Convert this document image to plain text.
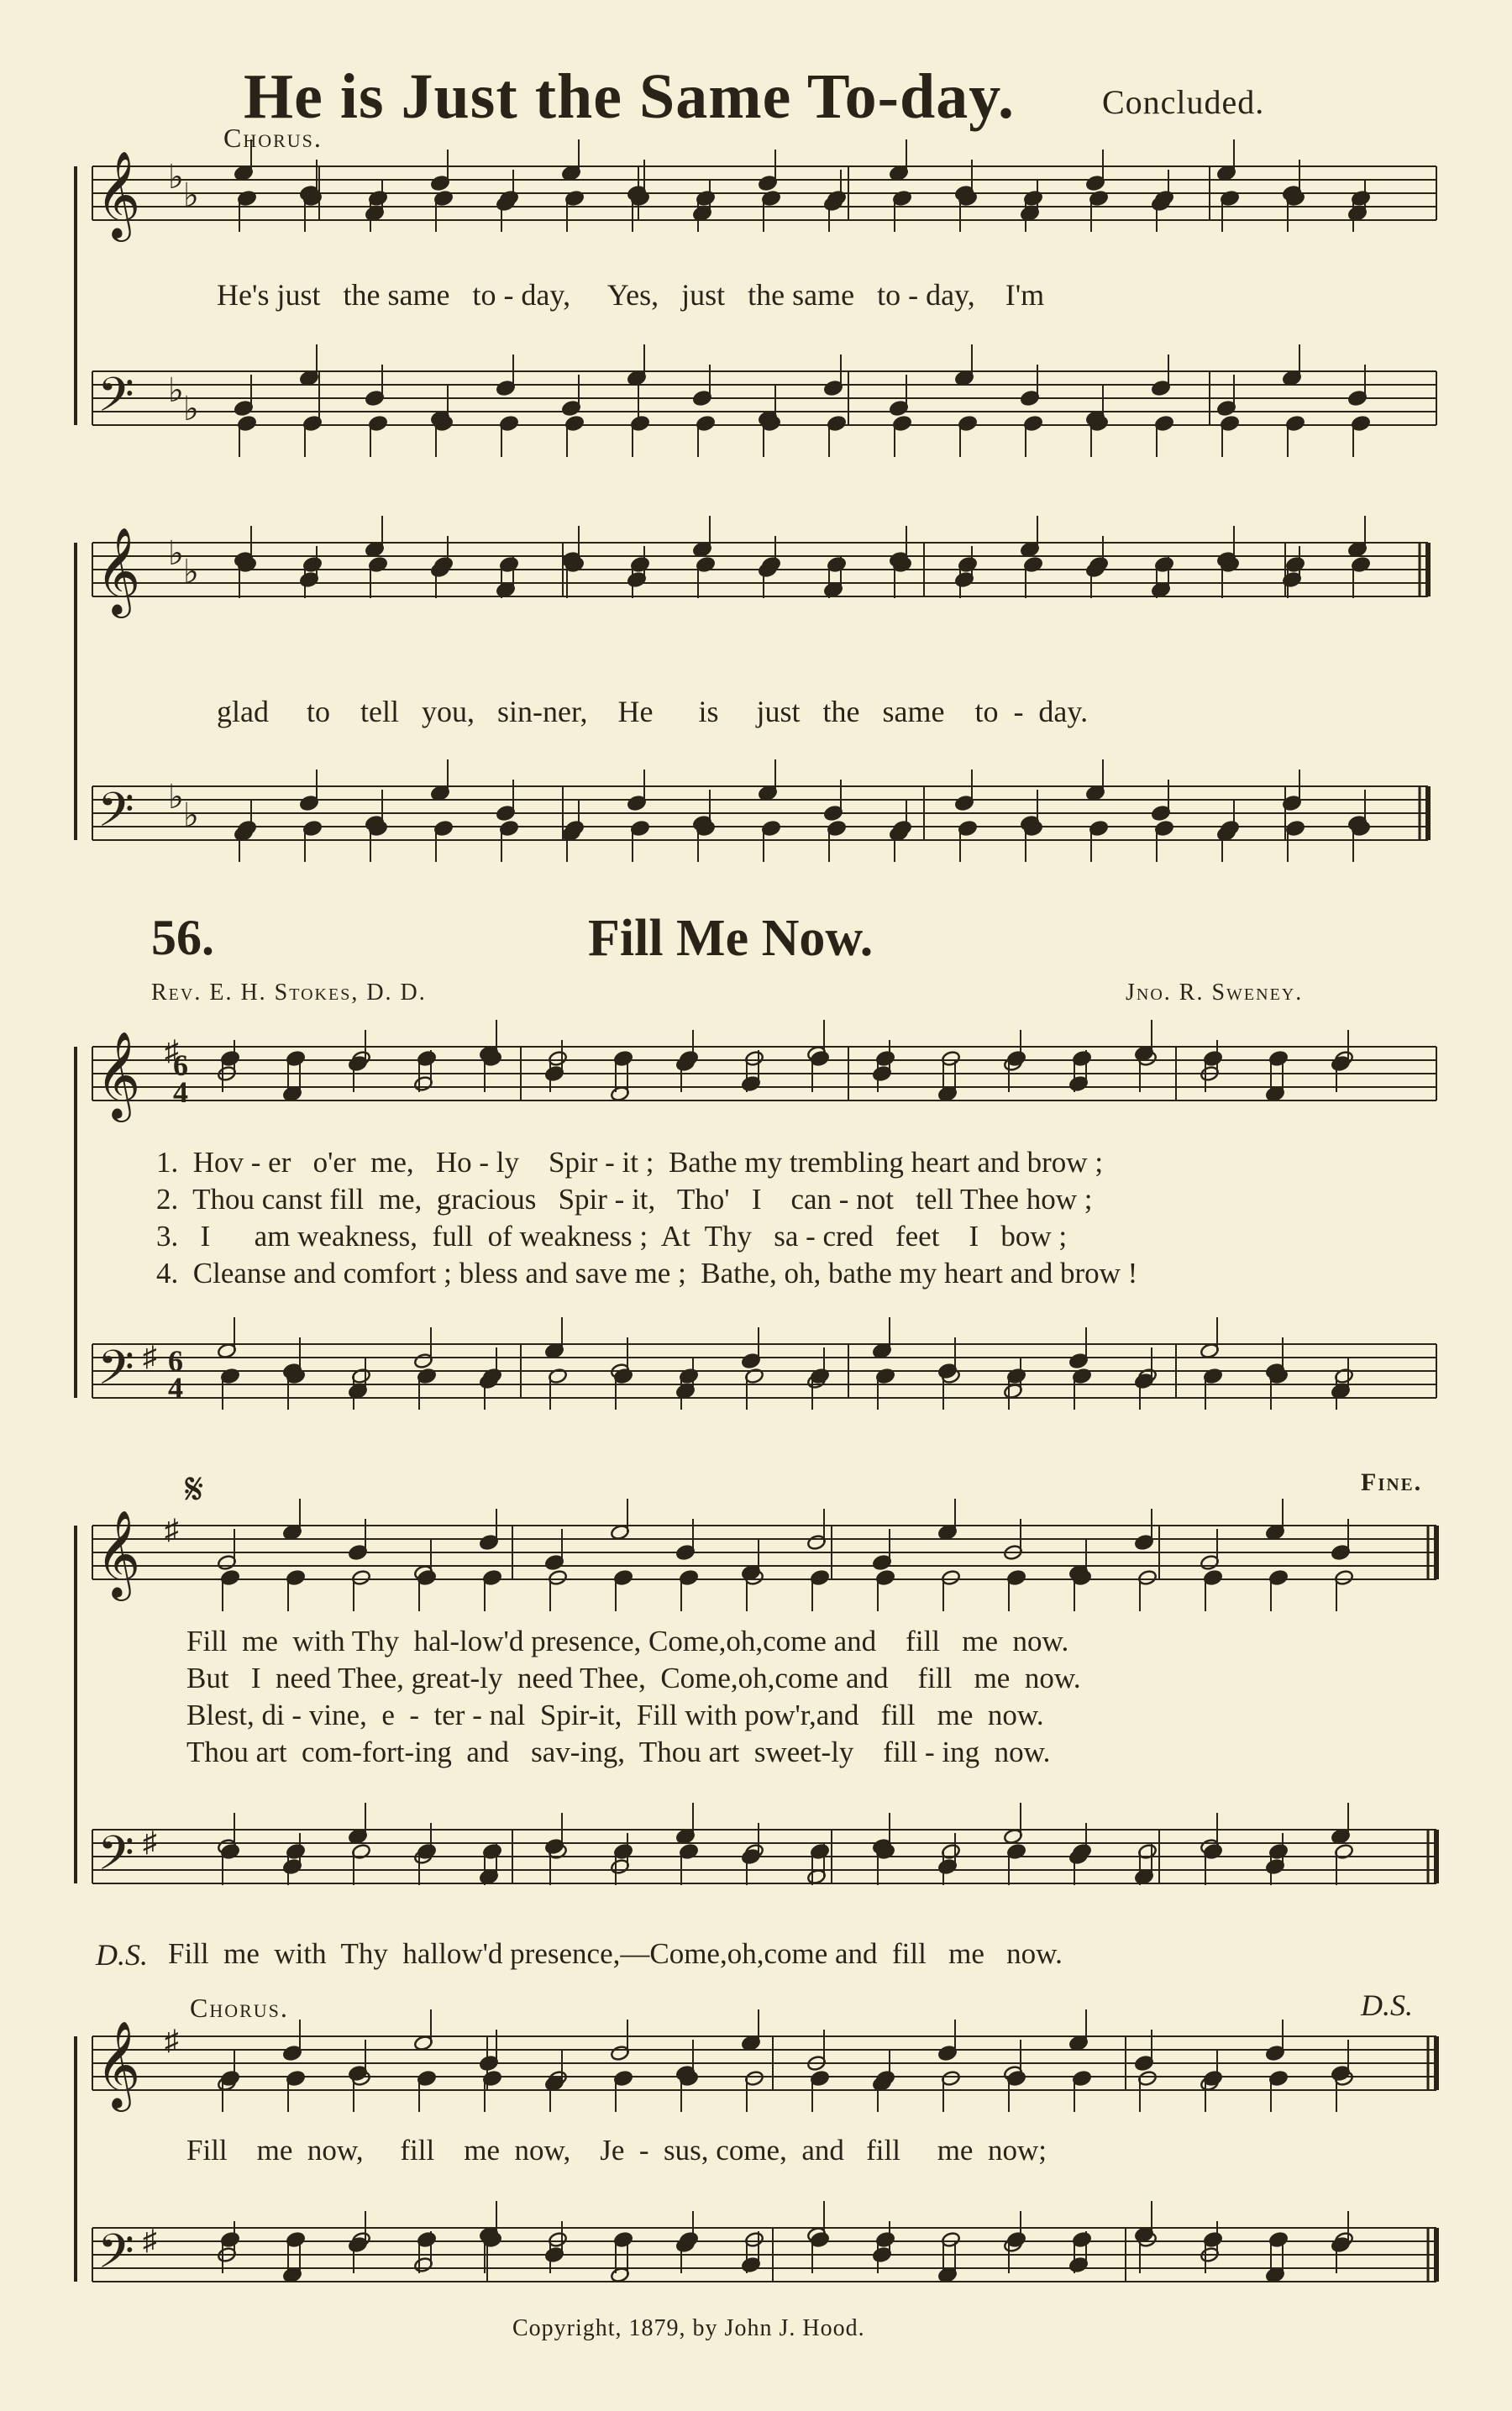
He is Just the Same To-day.	Concluded.
Chorus.
𝄞
𝄢
𝄞
𝄢
𝄞
𝄢
𝄞
𝄢
𝄞
𝄢
♭ ♭
♭ ♭
♭ ♭
♭ ♭
♯
6
4
♯ 6
4
♯
♯
♯
♯
𝄋
He's just   the same   to - day,     Yes,   just   the same   to - day,    I'm
glad     to    tell   you,   sin-ner,    He      is     just   the   same    to  -  day.
56.	Fill Me Now.
Rev. E. H. Stokes, D. D.	Jno. R. Sweney.
1.  Hov - er   o'er  me,   Ho - ly    Spir - it ;  Bathe my trembling heart and brow ;
2.  Thou canst fill  me,  gracious   Spir - it,   Tho'   I    can - not   tell Thee how ;
3.   I      am weakness,  full  of weakness ;  At  Thy   sa - cred   feet    I   bow ;
4.  Cleanse and comfort ; bless and save me ;  Bathe, oh, bathe my heart and brow !
Fine.
Fill  me  with Thy  hal-low'd presence, Come,oh,come and    fill   me  now.
But   I  need Thee, great-ly  need Thee,  Come,oh,come and    fill   me  now.
Blest, di - vine,  e  -  ter - nal  Spir-it,  Fill with pow'r,and   fill   me  now.
Thou art  com-fort-ing  and   sav-ing,  Thou art  sweet-ly    fill - ing  now.
D.S. Fill  me  with  Thy  hallow'd presence,—Come,oh,come and  fill   me   now.
Chorus.	D.S.
Fill    me  now,     fill    me  now,    Je  -  sus, come,  and   fill     me  now;
Copyright, 1879, by John J. Hood.
